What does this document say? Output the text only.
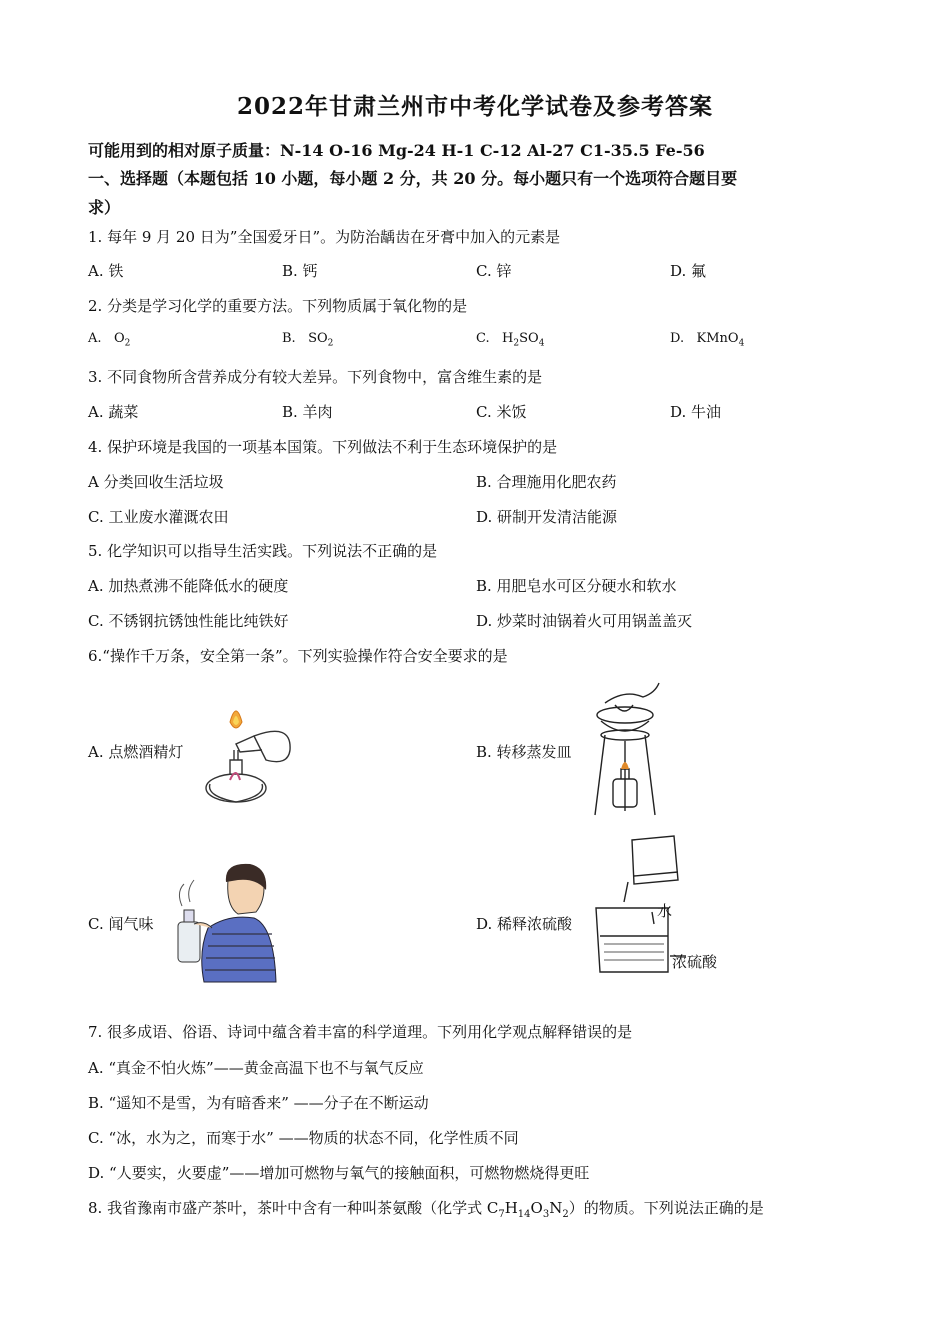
2022年甘肃兰州市中考化学试卷及参考答案
可能用到的相对原子质量：N-14 O-16 Mg-24 H-1 C-12 Al-27 C1-35.5 Fe-56
一、选择题（本题包括 10 小题，每小题 2 分，共 20 分。每小题只有一个选项符合题目要
求）
1. 每年 9 月 20 日为”全国爱牙日”。为防治龋齿在牙膏中加入的元素是
A. 铁	B. 钙	C. 锌	D. 氟
2. 分类是学习化学的重要方法。下列物质属于氧化物的是
A. $O_2$	B. $SO_2$	C. $H_2SO_4$	D. KMnO$_4$
3. 不同食物所含营养成分有较大差异。下列食物中，富含维生素的是
A. 蔬菜	B. 羊肉	C. 米饭	D. 牛油
4. 保护环境是我国的一项基本国策。下列做法不利于生态环境保护的是
A 分类回收生活垃圾	B. 合理施用化肥农药
C. 工业废水灌溉农田	D. 研制开发清洁能源
5. 化学知识可以指导生活实践。下列说法不正确的是
A. 加热煮沸不能降低水的硬度	B. 用肥皂水可区分硬水和软水
C. 不锈钢抗锈蚀性能比纯铁好	D. 炒菜时油锅着火可用锅盖盖灭
6.“操作千万条，安全第一条”。下列实验操作符合安全要求的是
A. 点燃酒精灯	B. 转移蒸发皿
C. 闻气味	D. 稀释浓硫酸
水
浓硫酸
7. 很多成语、俗语、诗词中蕴含着丰富的科学道理。下列用化学观点解释错误的是
A. “真金不怕火炼”——黄金高温下也不与氧气反应
B. “遥知不是雪，为有暗香来” ——分子在不断运动
C. “冰，水为之，而寒于水” ——物质的状态不同，化学性质不同
D. “人要实，火要虚”——增加可燃物与氧气的接触面积，可燃物燃烧得更旺
8. 我省豫南市盛产茶叶，茶叶中含有一种叫茶氨酸（化学式 $C_7H_{14}O_3N_2$）的物质。下列说法正确的是
